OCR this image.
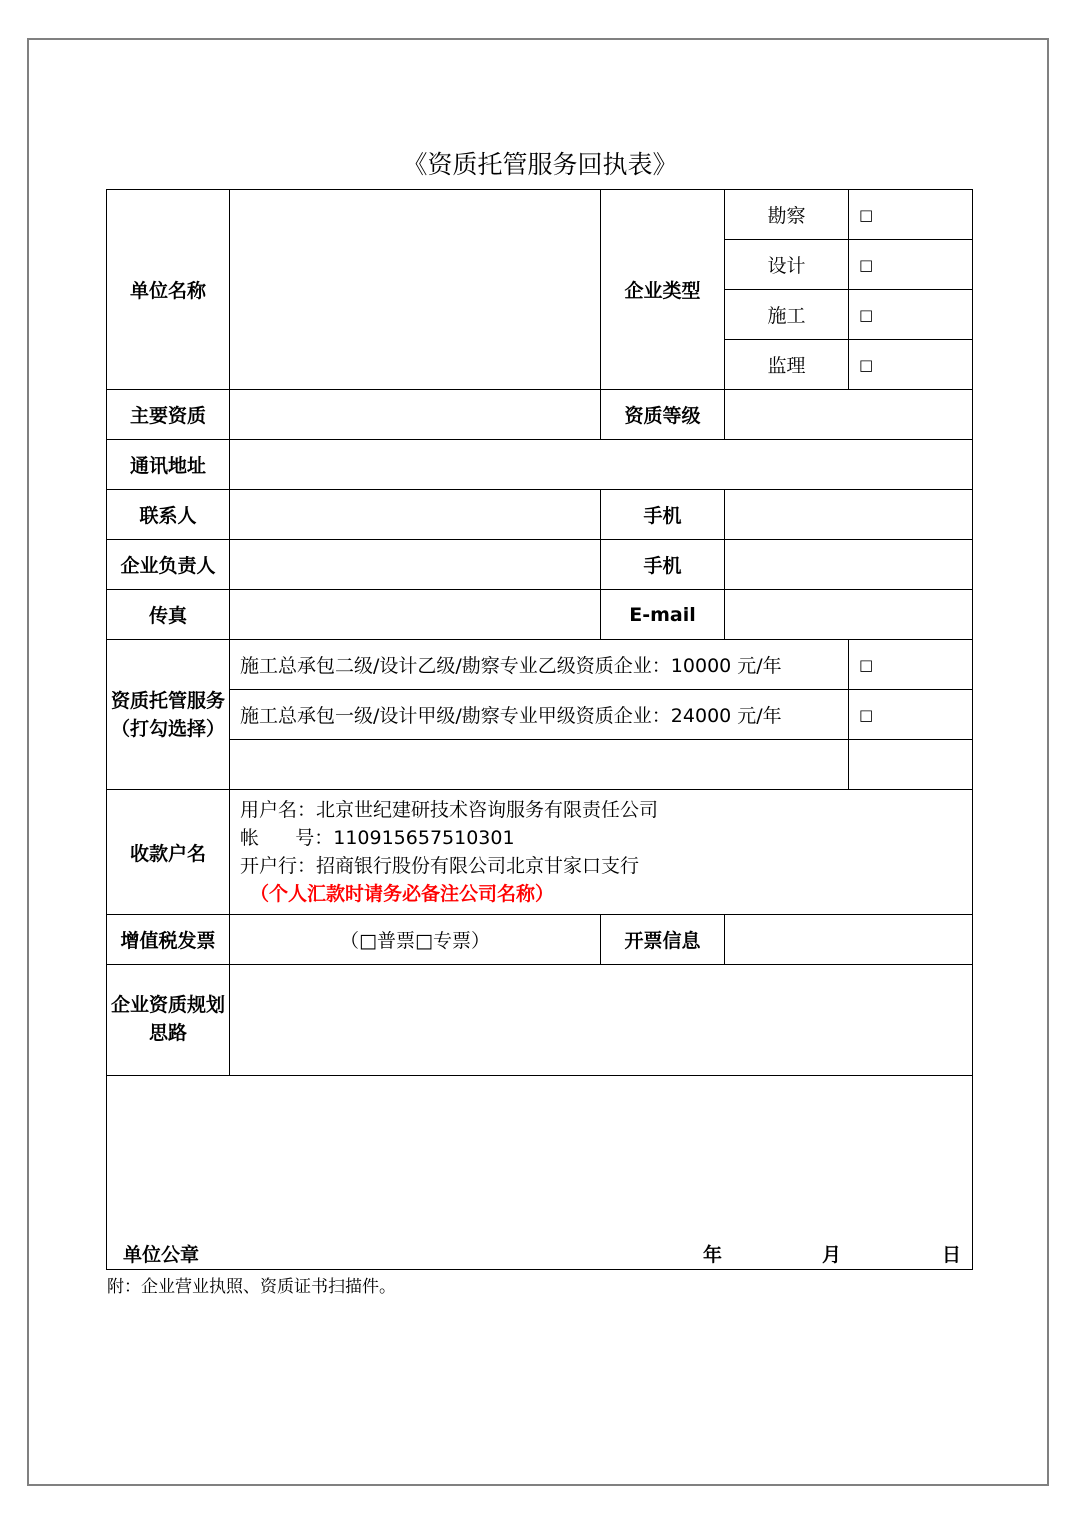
《资质托管服务回执表》
单位名称		企业类型	勘察	□
			设计	□
			施工	□
			监理	□
主要资质		资质等级		
通讯地址				
联系人		手机		
企业负责人		手机		
传真		E-mail		
资质托管服务（打勾选择）	施工总承包二级/设计乙级/勘察专业乙级资质企业：10000 元/年			□
	施工总承包一级/设计甲级/勘察专业甲级资质企业：24000 元/年			□

收款户名	用户名：北京世纪建研技术咨询服务有限责任公司
帐      号：110915657510301
开户行：招商银行股份有限公司北京甘家口支行
（个人汇款时请务必备注公司名称）			

增值税发票	（□普票□专票）	开票信息		
企业资质规划思路				

单位公章 年 月 日				
附：企业营业执照、资质证书扫描件。
